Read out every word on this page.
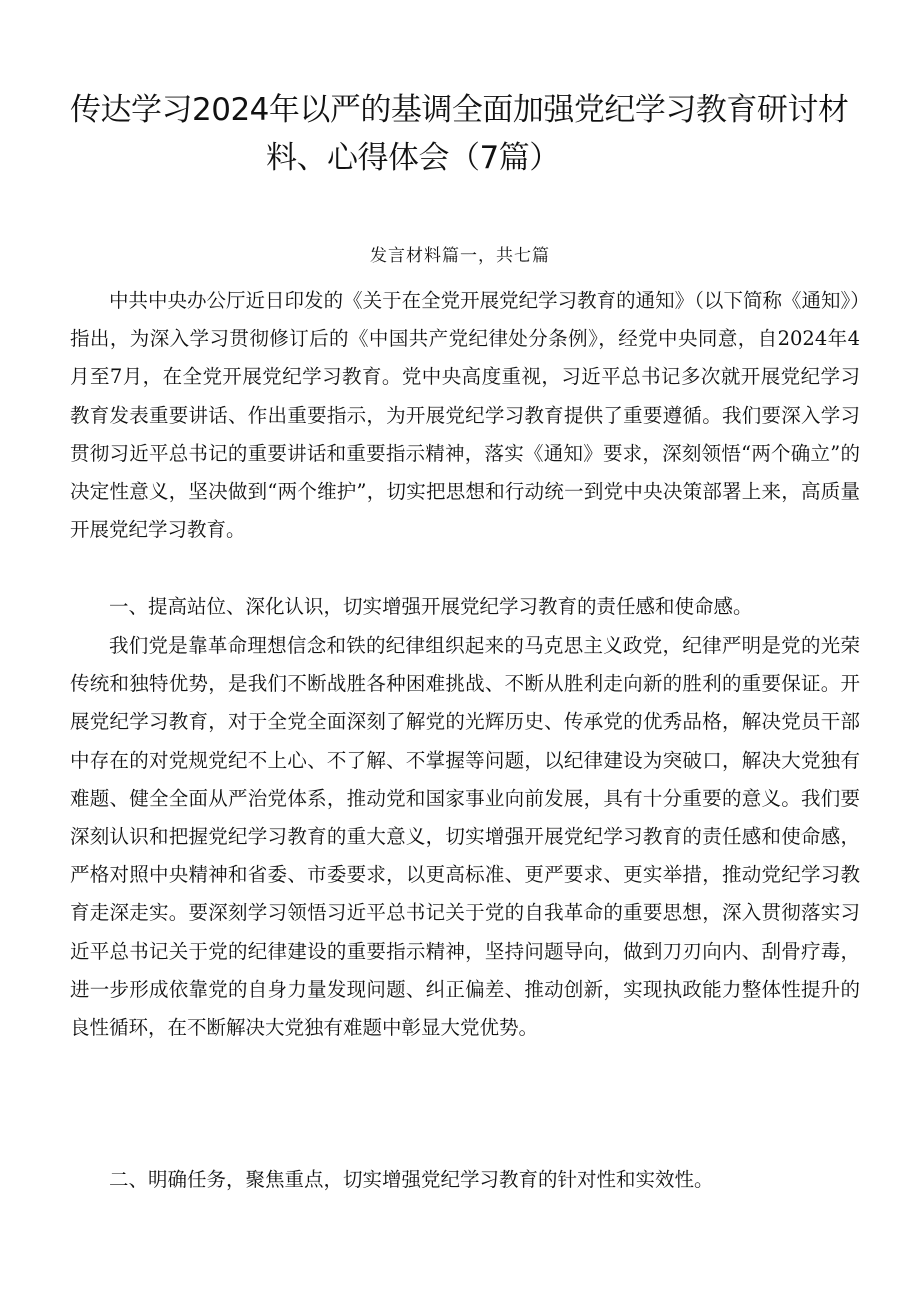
传达学习2024年以严的基调全面加强党纪学习教育研讨材
料、心得体会（7篇）
发言材料篇一，共七篇

中共中央办公厅近日印发的《关于在全党开展党纪学习教育的通知》（以下简称《通知》）指出，为深入学习贯彻修订后的《中国共产党纪律处分条例》，经党中央同意，自2024年4月至7月，在全党开展党纪学习教育。党中央高度重视，习近平总书记多次就开展党纪学习教育发表重要讲话、作出重要指示，为开展党纪学习教育提供了重要遵循。我们要深入学习贯彻习近平总书记的重要讲话和重要指示精神，落实《通知》要求，深刻领悟“两个确立”的决定性意义，坚决做到“两个维护”，切实把思想和行动统一到党中央决策部署上来，高质量开展党纪学习教育。

一、提高站位、深化认识，切实增强开展党纪学习教育的责任感和使命感。

我们党是靠革命理想信念和铁的纪律组织起来的马克思主义政党，纪律严明是党的光荣传统和独特优势，是我们不断战胜各种困难挑战、不断从胜利走向新的胜利的重要保证。开展党纪学习教育，对于全党全面深刻了解党的光辉历史、传承党的优秀品格，解决党员干部中存在的对党规党纪不上心、不了解、不掌握等问题，以纪律建设为突破口，解决大党独有难题、健全全面从严治党体系，推动党和国家事业向前发展，具有十分重要的意义。我们要深刻认识和把握党纪学习教育的重大意义，切实增强开展党纪学习教育的责任感和使命感，严格对照中央精神和省委、市委要求，以更高标准、更严要求、更实举措，推动党纪学习教育走深走实。要深刻学习领悟习近平总书记关于党的自我革命的重要思想，深入贯彻落实习近平总书记关于党的纪律建设的重要指示精神，坚持问题导向，做到刀刃向内、刮骨疗毒，进一步形成依靠党的自身力量发现问题、纠正偏差、推动创新，实现执政能力整体性提升的良性循环，在不断解决大党独有难题中彰显大党优势。

二、明确任务，聚焦重点，切实增强党纪学习教育的针对性和实效性。
